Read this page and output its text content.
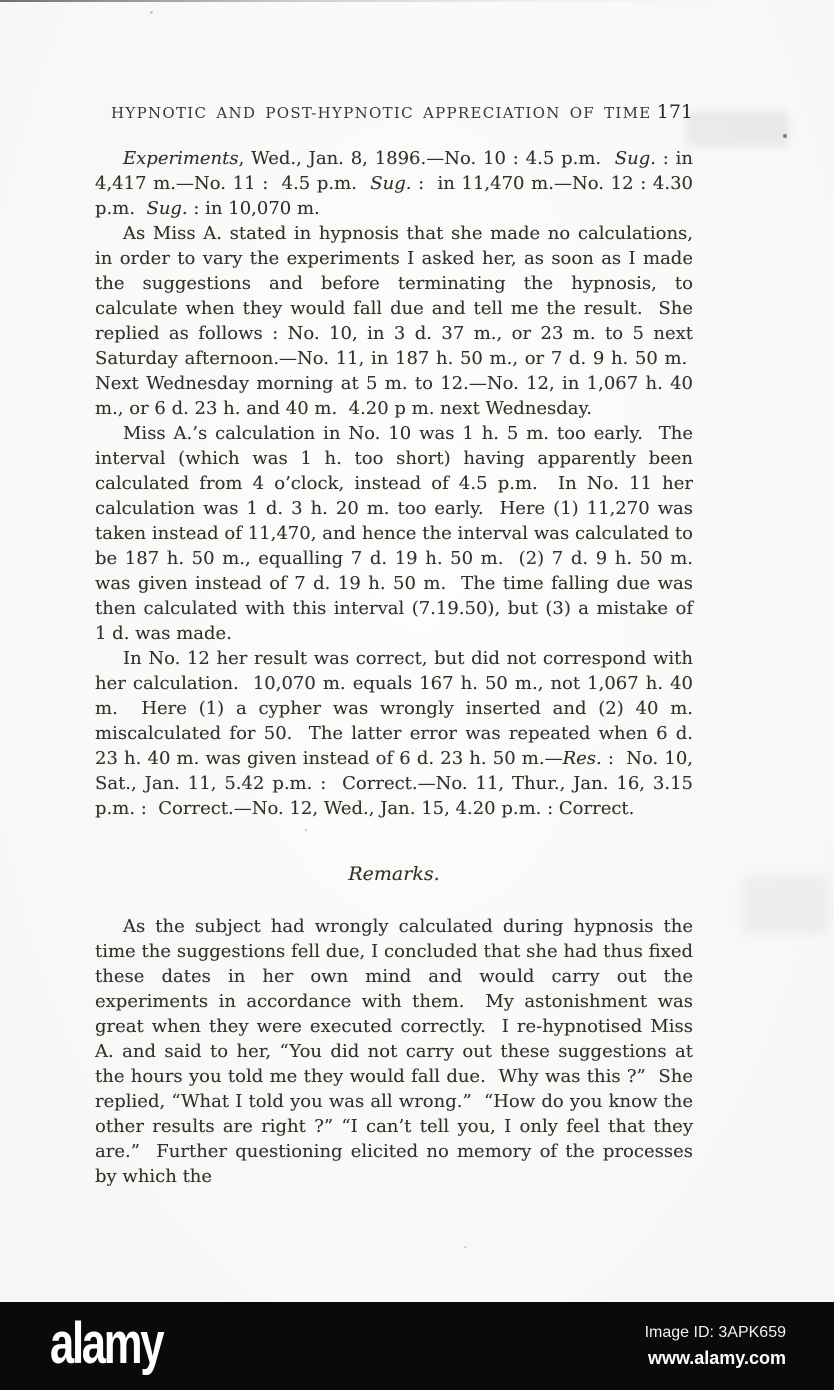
HYPNOTIC AND POST-HYPNOTIC APPRECIATION OF TIME 171

Experiments, Wed., Jan. 8, 1896.—No. 10 : 4.5 p.m.  Sug. : in 4,417 m.—No. 11 :  4.5 p.m.  Sug. :  in 11,470 m.—No. 12 : 4.30 p.m.  Sug. : in 10,070 m.

As Miss A. stated in hypnosis that she made no calculations, in order to vary the experiments I asked her, as soon as I made the suggestions and before terminating the hypnosis, to calculate when they would fall due and tell me the result.  She replied as follows : No. 10, in 3 d. 37 m., or 23 m. to 5 next Saturday afternoon.—No. 11, in 187 h. 50 m., or 7 d. 9 h. 50 m.  Next Wednesday morning at 5 m. to 12.—No. 12, in 1,067 h. 40 m., or 6 d. 23 h. and 40 m.  4.20 p m. next Wednesday.

Miss A.’s calculation in No. 10 was 1 h. 5 m. too early.  The interval (which was 1 h. too short) having apparently been calculated from 4 o’clock, instead of 4.5 p.m.  In No. 11 her calculation was 1 d. 3 h. 20 m. too early.  Here (1) 11,270 was taken instead of 11,470, and hence the interval was calculated to be 187 h. 50 m., equalling 7 d. 19 h. 50 m.  (2) 7 d. 9 h. 50 m. was given instead of 7 d. 19 h. 50 m.  The time falling due was then calculated with this interval (7.19.50), but (3) a mistake of 1 d. was made.

In No. 12 her result was correct, but did not correspond with her calculation.  10,070 m. equals 167 h. 50 m., not 1,067 h. 40 m.  Here (1) a cypher was wrongly inserted and (2) 40 m. miscalculated for 50.  The latter error was repeated when 6 d. 23 h. 40 m. was given instead of 6 d. 23 h. 50 m.—Res. :  No. 10, Sat., Jan. 11, 5.42 p.m. :  Correct.—No. 11, Thur., Jan. 16, 3.15 p.m. :  Correct.—No. 12, Wed., Jan. 15, 4.20 p.m. : Correct.

Remarks.

As the subject had wrongly calculated during hypnosis the time the suggestions fell due, I concluded that she had thus fixed these dates in her own mind and would carry out the experiments in accordance with them.  My astonishment was great when they were executed correctly.  I re-hypnotised Miss A. and said to her, “You did not carry out these suggestions at the hours you told me they would fall due.  Why was this ?”  She replied, “What I told you was all wrong.”  “How do you know the other results are right ?” “I can’t tell you, I only feel that they are.”  Further questioning elicited no memory of the processes by which the

alamy	Image ID: 3APK659
www.alamy.com
